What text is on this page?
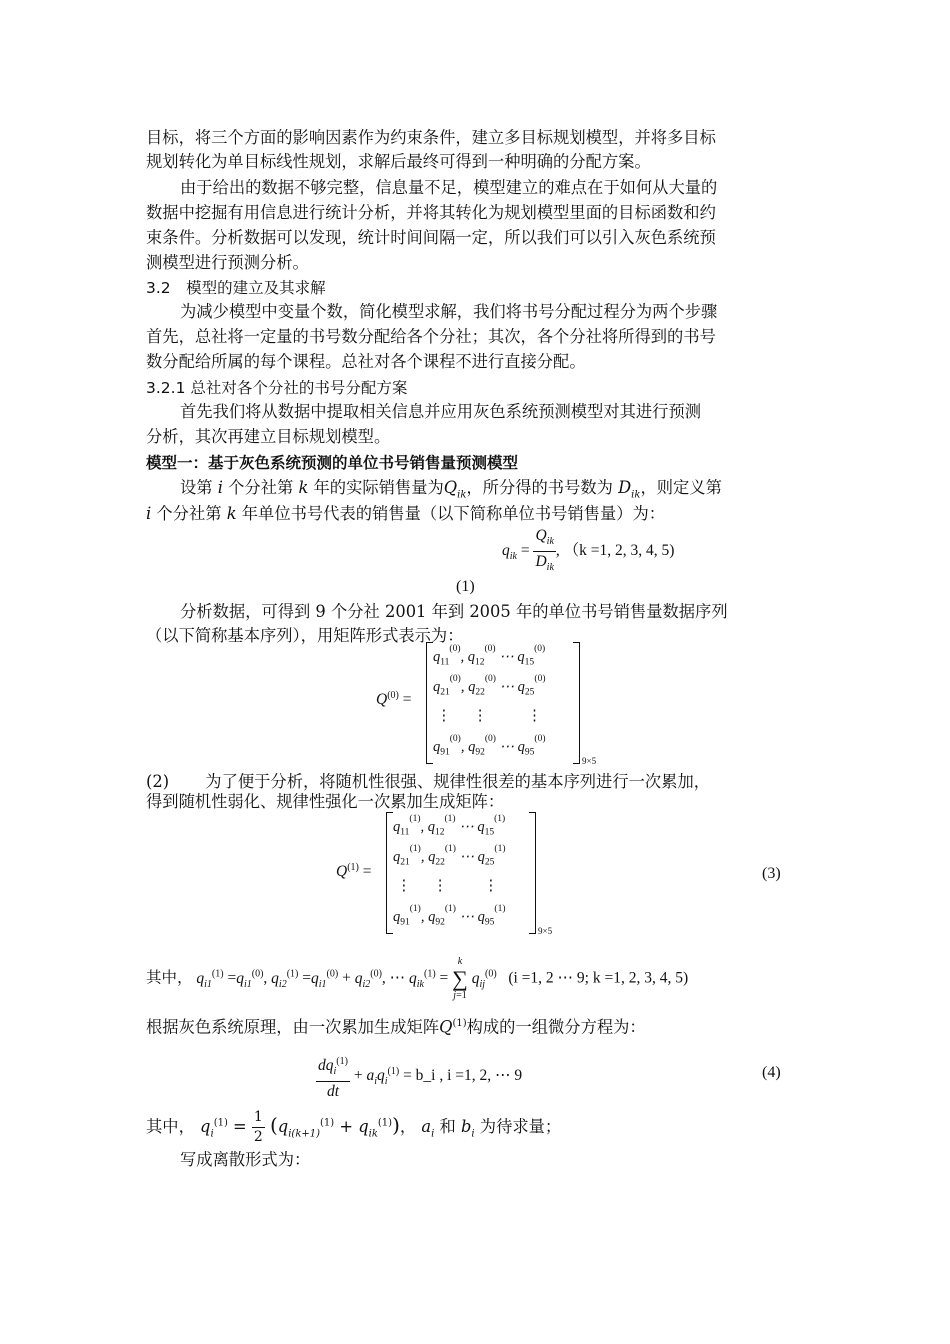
目标，将三个方面的影响因素作为约束条件，建立多目标规划模型，并将多目标
规划转化为单目标线性规划，求解后最终可得到一种明确的分配方案。
由于给出的数据不够完整，信息量不足，模型建立的难点在于如何从大量的
数据中挖掘有用信息进行统计分析，并将其转化为规划模型里面的目标函数和约
束条件。分析数据可以发现，统计时间间隔一定，所以我们可以引入灰色系统预
测模型进行预测分析。
3.2　模型的建立及其求解
为减少模型中变量个数，简化模型求解，我们将书号分配过程分为两个步骤
首先，总社将一定量的书号数分配给各个分社；其次，各个分社将所得到的书号
数分配给所属的每个课程。总社对各个课程不进行直接分配。
3.2.1 总社对各个分社的书号分配方案
首先我们将从数据中提取相关信息并应用灰色系统预测模型对其进行预测
分析，其次再建立目标规划模型。
模型一：基于灰色系统预测的单位书号销售量预测模型
设第 i 个分社第 k 年的实际销售量为$Q_{ik}$，所分得的书号数为 $D_{ik}$，则定义第
i 个分社第 k 年单位书号代表的销售量（以下简称单位书号销售量）为：
$q_{ik} = \frac{Q_{ik}}{D_{ik}}$ , （k =1, 2, 3, 4, 5)
(1)
分析数据，可得到 9 个分社 2001 年到 2005 年的单位书号销售量数据序列
（以下简称基本序列），用矩阵形式表示为：
$Q^{(0)}$ =
$q_{11}^{(0)}$, $q_{12}^{(0)}$ ⋯ $q_{15}^{(0)}$
$q_{21}^{(0)}$, $q_{22}^{(0)}$ ⋯ $q_{25}^{(0)}$
⋮      ⋮           ⋮
$q_{91}^{(0)}$, $q_{92}^{(0)}$ ⋯ $q_{95}^{(0)}$
9×5
(2) 为了便于分析，将随机性很强、规律性很差的基本序列进行一次累加，
得到随机性弱化、规律性强化一次累加生成矩阵：
$Q^{(1)}$ =
$q_{11}^{(1)}$, $q_{12}^{(1)}$ ⋯ $q_{15}^{(1)}$
$q_{21}^{(1)}$, $q_{22}^{(1)}$ ⋯ $q_{25}^{(1)}$
⋮      ⋮          ⋮
$q_{91}^{(1)}$, $q_{92}^{(1)}$ ⋯ $q_{95}^{(1)}$
9×5
(3)
其中， $q_{i1}^{(1)} =q_{i1}^{(0)}$, $q_{i2}^{(1)} =q_{i1}^{(0)} + q_{i2}^{(0)}$, ⋯ $q_{ik}^{(1)}$ =
k
∑
j=1
$q_{ij}^{(0)}$ (i =1, 2 ⋯ 9; k =1, 2, 3, 4, 5)
根据灰色系统原理，由一次累加生成矩阵$Q^{(1)}$构成的一组微分方程为：
$\frac{dq_i^{(1)}}{dt} + a_iq_i^{(1)}$ = b_i , i =1, 2, ⋯ 9	(4)
其中， $q_i^{(1)} = \frac{1}{2} (q_{i(k+1)}^{(1)} + q_{ik}^{(1)})$， $a_i$ 和 $b_i$ 为待求量；
写成离散形式为：
